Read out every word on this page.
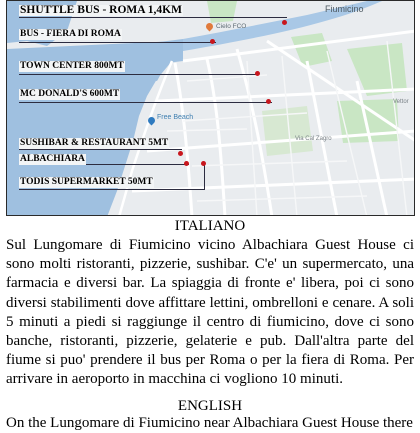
Fiumicino
Cielo FCO
Free Beach
Via Cal Zagro
Vettor
SHUTTLE BUS - ROMA 1,4KM
BUS - FIERA DI ROMA
TOWN CENTER 800MT
MC DONALD'S 600MT
SUSHIBAR & RESTAURANT 5MT
ALBACHIARA
TODIS SUPERMARKET 50MT
ITALIANO
Sul Lungomare di Fiumicino vicino Albachiara Guest House ci sono molti ristoranti, pizzerie, sushibar. C'e' un supermercato, una farmacia e diversi bar. La spiaggia di fronte e' libera, poi ci sono diversi stabilimenti dove affittare lettini, ombrelloni e cenare. A soli 5 minuti a piedi si raggiunge il centro di fiumicino, dove ci sono banche, ristoranti, pizzerie, gelaterie e pub. Dall'altra parte del fiume si puo' prendere il bus per Roma o per la fiera di Roma. Per arrivare in aeroporto in macchina ci vogliono 10 minuti.
ENGLISH
On the Lungomare di Fiumicino near Albachiara Guest House there
